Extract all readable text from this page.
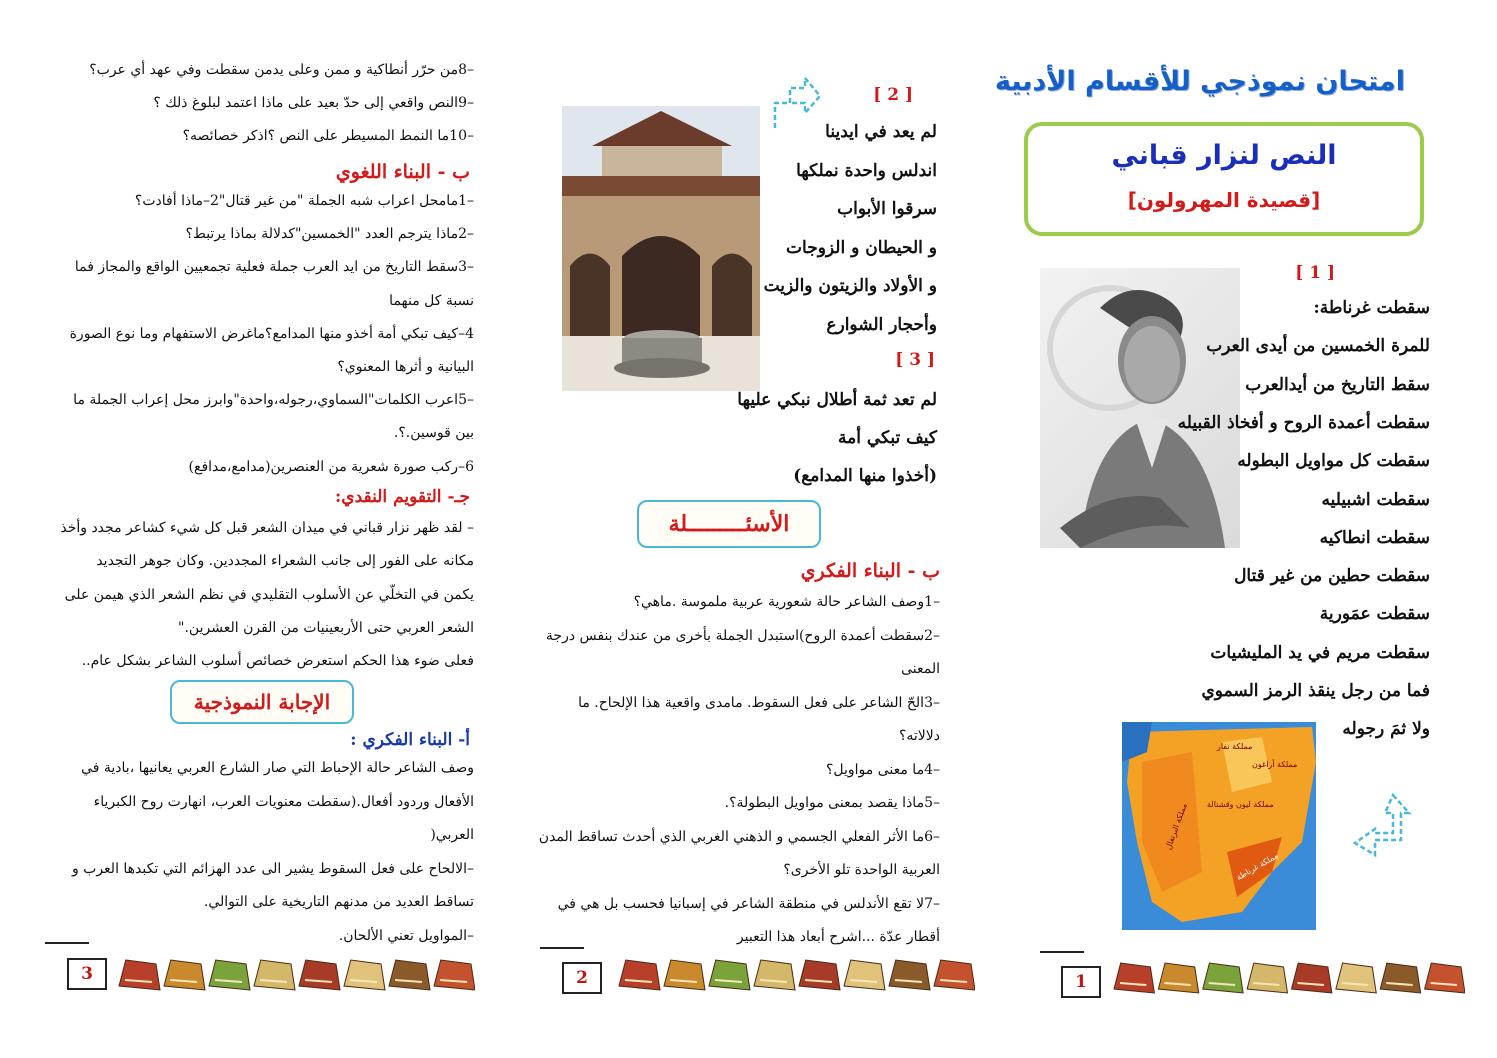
امتحان نموذجي للأقسام الأدبية
النص لنزار قباني
[قصيدة المهرولون]
[ 1 ]
سقطت غرناطة:
للمرة الخمسين من أيدى العرب
سقط التاريخ من أيدالعرب
سقطت أعمدة الروح و أفخاذ القبيله
سقطت كل مواويل البطوله
سقطت اشبيليه
سقطت انطاكيه
سقطت حطين من غير قتال
سقطت عمَورية
سقطت مريم في يد المليشيات
فما من رجل ينقذ الرمز السموي
ولا ثمَ رجوله
مملكة نفار
مملكة أراغون
مملكة ليون وقشتالة
مملكة البرتغال
مملكة غرناطة
1
[ 2 ]
لم يعد في ايدينا
اندلس واحدة نملكها
سرقوا الأبواب
و الحيطان و الزوجات
و الأولاد والزيتون والزيت
وأحجار الشوارع
[ 3 ]
لم تعد ثمة أطلال نبكي عليها
كيف تبكي أمة
(أخذوا منها المدامع)
الأسئـــــــــلة
ب - البناء الفكري
–1وصف الشاعر حالة شعورية عربية ملموسة .ماهي؟
–2سقطت أعمدة الروح)استبدل الجملة بأخرى من عندك بنفس درجة
المعنى
–3الحّ الشاعر على فعل السقوط. مامدى واقعية هذا الإلحاح. ما
دلالاته؟
–4ما معنى مواويل؟
–5ماذا يقصد بمعنى مواويل البطولة؟.
–6ما الأثر الفعلي الجسمي و الذهني الغربي الذي أحدث تساقط المدن
العربية الواحدة تلو الأخرى؟
–7لا تقع الأندلس في منطقة الشاعر في إسبانيا فحسب بل هي في
أقطار عدّة ...اشرح أبعاد هذا التعبير
2
–8من حرّر أنطاكية و ممن وعلى يدمن سقطت وفي عهد أي عرب؟
–9النص واقعي إلى حدّ بعيد على ماذا اعتمد لبلوغ ذلك ؟
–10ما النمط المسيطر على النص ؟اذكر خصائصه؟
ب - البناء اللغوي
–1مامحل اعراب شبه الجملة "من غير قتال"2–ماذا أفادت؟
–2ماذا يترجم العدد "الخمسين"كدلالة بماذا يرتبط؟
–3سقط التاريخ من ايد العرب جملة فعلية تجمعيين الواقع والمجاز فما
نسبة كل منهما
4–كيف تبكي أمة أخذو منها المدامع؟ماغرض الاستفهام وما نوع الصورة
البيانية و أثرها المعنوي؟
–5اعرب الكلمات"السماوي،رجوله،واحدة"وابرز محل إعراب الجملة ما
بين قوسين.؟.
6–ركب صورة شعرية من العنصرين(مدامع،مدافع)
جـ- التقويم النقدي:
– لقد ظهر نزار قباني في ميدان الشعر قبل كل شيء كشاعر مجدد وأخذ
مكانه على الفور إلى جانب الشعراء المجددين. وكان جوهر التجديد
يكمن في التخلّي عن الأسلوب التقليدي في نظم الشعر الذي هيمن على
الشعر العربي حتى الأربعينيات من القرن العشرين."
فعلى ضوء هذا الحكم استعرض خصائص أسلوب الشاعر بشكل عام..
الإجابة النموذجية
أ- البناء الفكري :
وصف الشاعر حالة الإحباط التي صار الشارع العربي يعانيها ،بادية في
الأفعال وردود أفعال.(سقطت معنويات العرب، انهارت روح الكبرياء
العربي(
–الالحاح على فعل السقوط يشير الى عدد الهزائم التي تكبدها العرب و
تساقط العديد من مدنهم التاريخية على التوالي.
–المواويل تعني الألحان.
3
